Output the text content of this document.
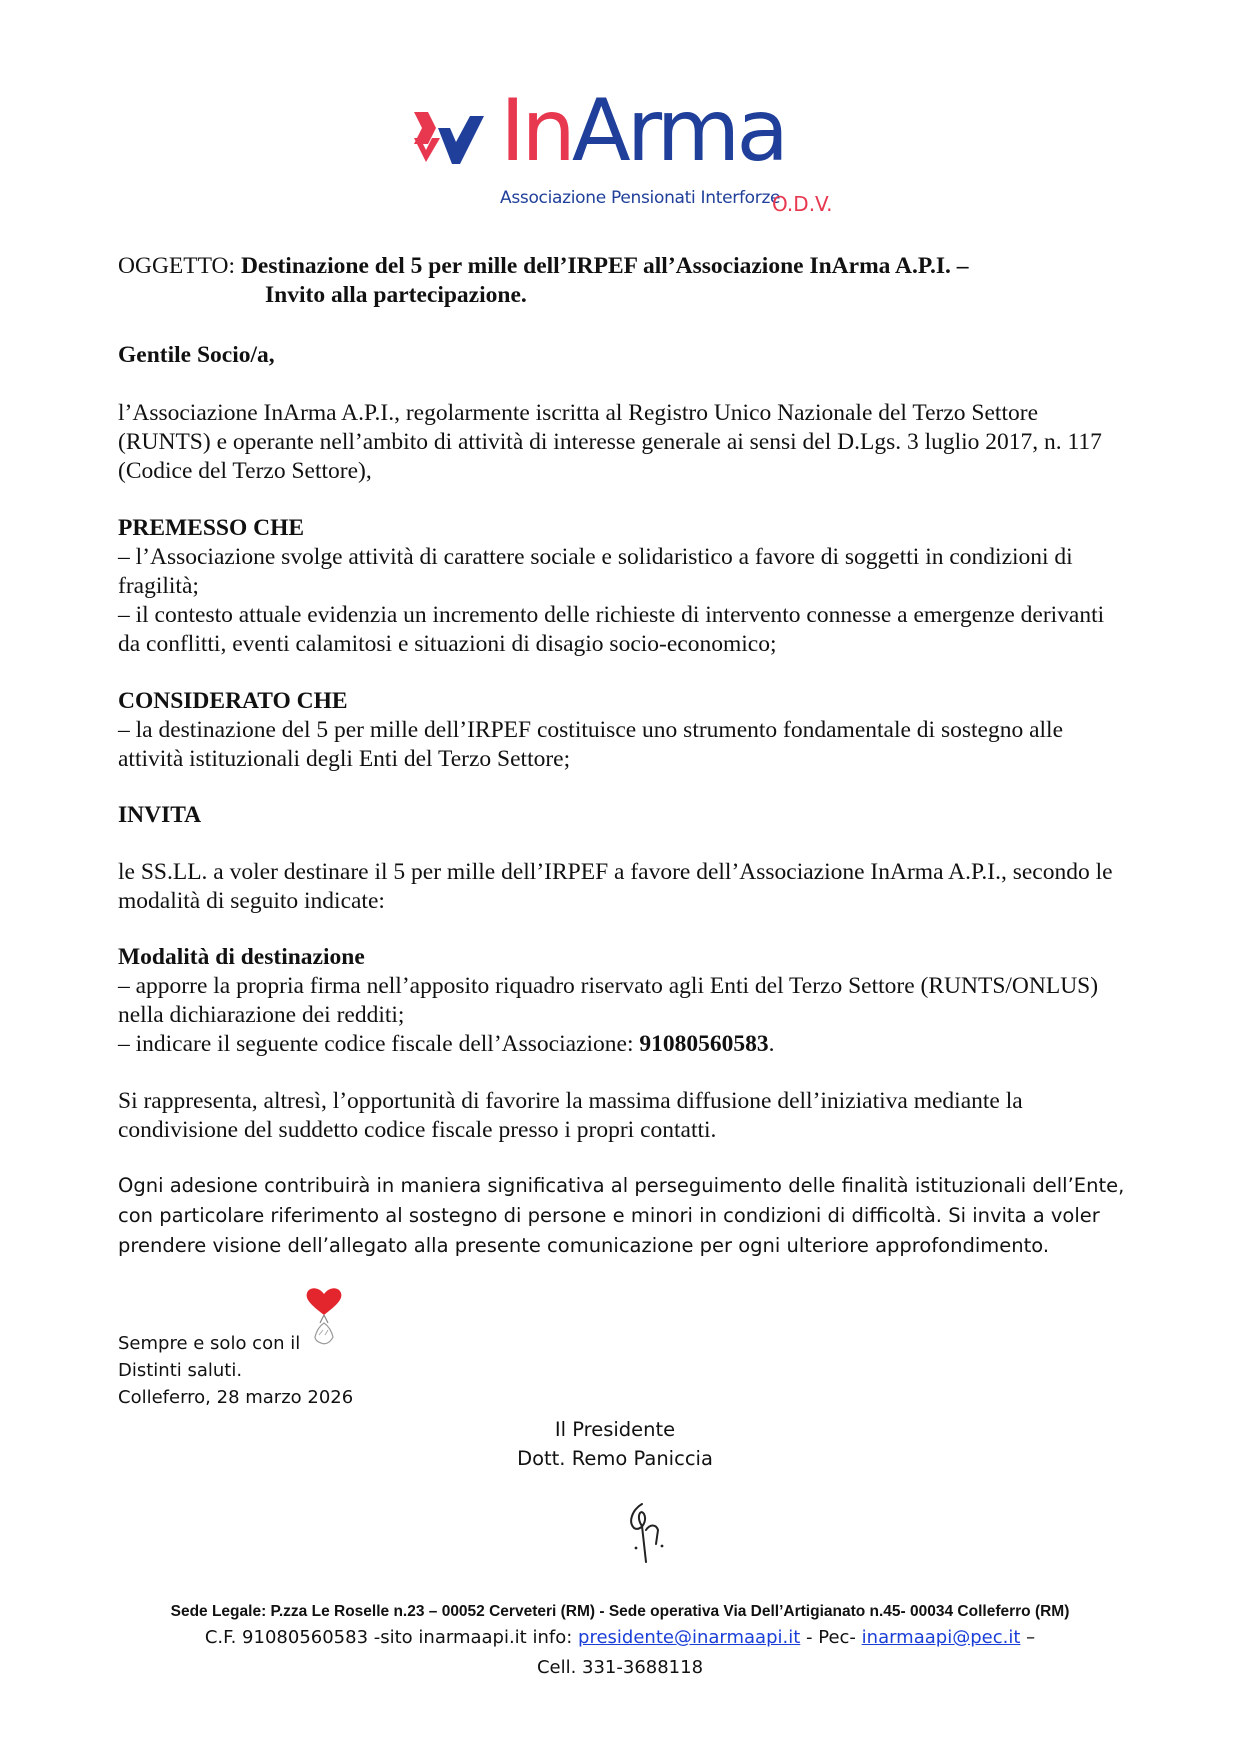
InArma
Associazione Pensionati Interforze
O.D.V.
OGGETTO: Destinazione del 5 per mille dell’IRPEF all’Associazione InArma A.P.I. –
Invito alla partecipazione.
Gentile Socio/a,
l’Associazione InArma A.P.I., regolarmente iscritta al Registro Unico Nazionale del Terzo Settore (RUNTS) e operante nell’ambito di attività di interesse generale ai sensi del D.Lgs. 3 luglio 2017, n. 117 (Codice del Terzo Settore),

PREMESSO CHE

– l’Associazione svolge attività di carattere sociale e solidaristico a favore di soggetti in condizioni di fragilità;

– il contesto attuale evidenzia un incremento delle richieste di intervento connesse a emergenze derivanti da conflitti, eventi calamitosi e situazioni di disagio socio-economico;

CONSIDERATO CHE

– la destinazione del 5 per mille dell’IRPEF costituisce uno strumento fondamentale di sostegno alle attività istituzionali degli Enti del Terzo Settore;

INVITA
le SS.LL. a voler destinare il 5 per mille dell’IRPEF a favore dell’Associazione InArma A.P.I., secondo le modalità di seguito indicate:

Modalità di destinazione

– apporre la propria firma nell’apposito riquadro riservato agli Enti del Terzo Settore (RUNTS/ONLUS) nella dichiarazione dei redditi;

– indicare il seguente codice fiscale dell’Associazione: 91080560583.

Si rappresenta, altresì, l’opportunità di favorire la massima diffusione dell’iniziativa mediante la condivisione del suddetto codice fiscale presso i propri contatti.
Ogni adesione contribuirà in maniera significativa al perseguimento delle finalità istituzionali dell’Ente, con particolare riferimento al sostegno di persone e minori in condizioni di difficoltà. Si invita a voler prendere visione dell’allegato alla presente comunicazione per ogni ulteriore approfondimento.
Sempre e solo con il
Distinti saluti.
Colleferro, 28 marzo 2026
Il Presidente
Dott. Remo Paniccia
Sede Legale: P.zza Le Roselle n.23 – 00052 Cerveteri (RM) - Sede operativa Via Dell’Artigianato n.45- 00034 Colleferro (RM)
C.F. 91080560583 -sito inarmaapi.it info: presidente@inarmaapi.it - Pec- inarmaapi@pec.it –
Cell. 331-3688118
